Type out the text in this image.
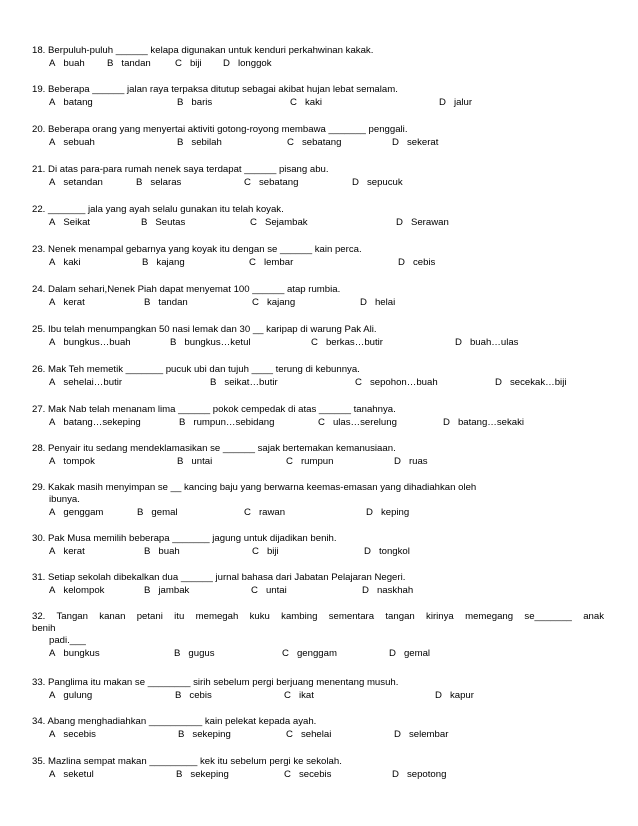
18. Berpuluh-puluh ______ kelapa digunakan untuk kenduri perkahwinan kakak.
A buah B tandan	C biji D longgok
19. Beberapa ______ jalan raya terpaksa ditutup sebagai akibat hujan lebat semalam.
A batang	B baris	C kaki	D jalur
20. Beberapa orang yang menyertai aktiviti gotong-royong membawa _______ penggali.
A sebuah	B sebilah	C sebatang	D sekerat
21. Di atas para-para rumah nenek saya terdapat ______ pisang abu.
A setandan	B selaras	C sebatang	D sepucuk
22. _______ jala yang ayah selalu gunakan itu telah koyak.
A Seikat	B Seutas	C Sejambak	D Serawan
23. Nenek menampal gebarnya yang koyak itu dengan se ______ kain perca.
A kaki	B kajang	C lembar	D cebis
24. Dalam sehari,Nenek Piah dapat menyemat 100 ______ atap rumbia.
A kerat	B tandan	C kajang	D helai
25. Ibu telah menumpangkan 50 nasi lemak dan 30 __ karipap di warung Pak Ali.
A bungkus…buah	B bungkus…ketul	C berkas…butir	D buah…ulas
26. Mak Teh memetik _______ pucuk ubi dan tujuh ____ terung di kebunnya.
A sehelai…butir	B seikat…butir	C sepohon…buah	D secekak…biji
27. Mak Nab telah menanam lima ______ pokok cempedak di atas ______ tanahnya.
A batang…sekeping	B rumpun…sebidang	C ulas…serelung	D batang…sekaki
28. Penyair itu sedang mendeklamasikan se ______ sajak bertemakan kemanusiaan.
A tompok	B untai	C rumpun	D ruas
29. Kakak masih menyimpan se __ kancing baju yang berwarna keemas-emasan yang dihadiahkan oleh
ibunya.
A genggam	B gemal	C rawan	D keping
30. Pak Musa memilih beberapa _______ jagung untuk dijadikan benih.
A kerat	B buah	C biji	D tongkol
31. Setiap sekolah dibekalkan dua ______ jurnal bahasa dari Jabatan Pelajaran Negeri.
A kelompok	B jambak	C untai	D naskhah
32. Tangan kanan petani itu memegah kuku kambing sementara tangan kirinya memegang se_______ anak
benih
padi.___
A bungkus	B gugus	C genggam	D gemal
33. Panglima itu makan se ________ sirih sebelum pergi berjuang menentang musuh.
A gulung	B cebis	C ikat	D kapur
34. Abang menghadiahkan __________ kain pelekat kepada ayah.
A secebis	B sekeping	C sehelai	D selembar
35. Mazlina sempat makan _________ kek itu sebelum pergi ke sekolah.
A seketul	B sekeping	C secebis	D sepotong
